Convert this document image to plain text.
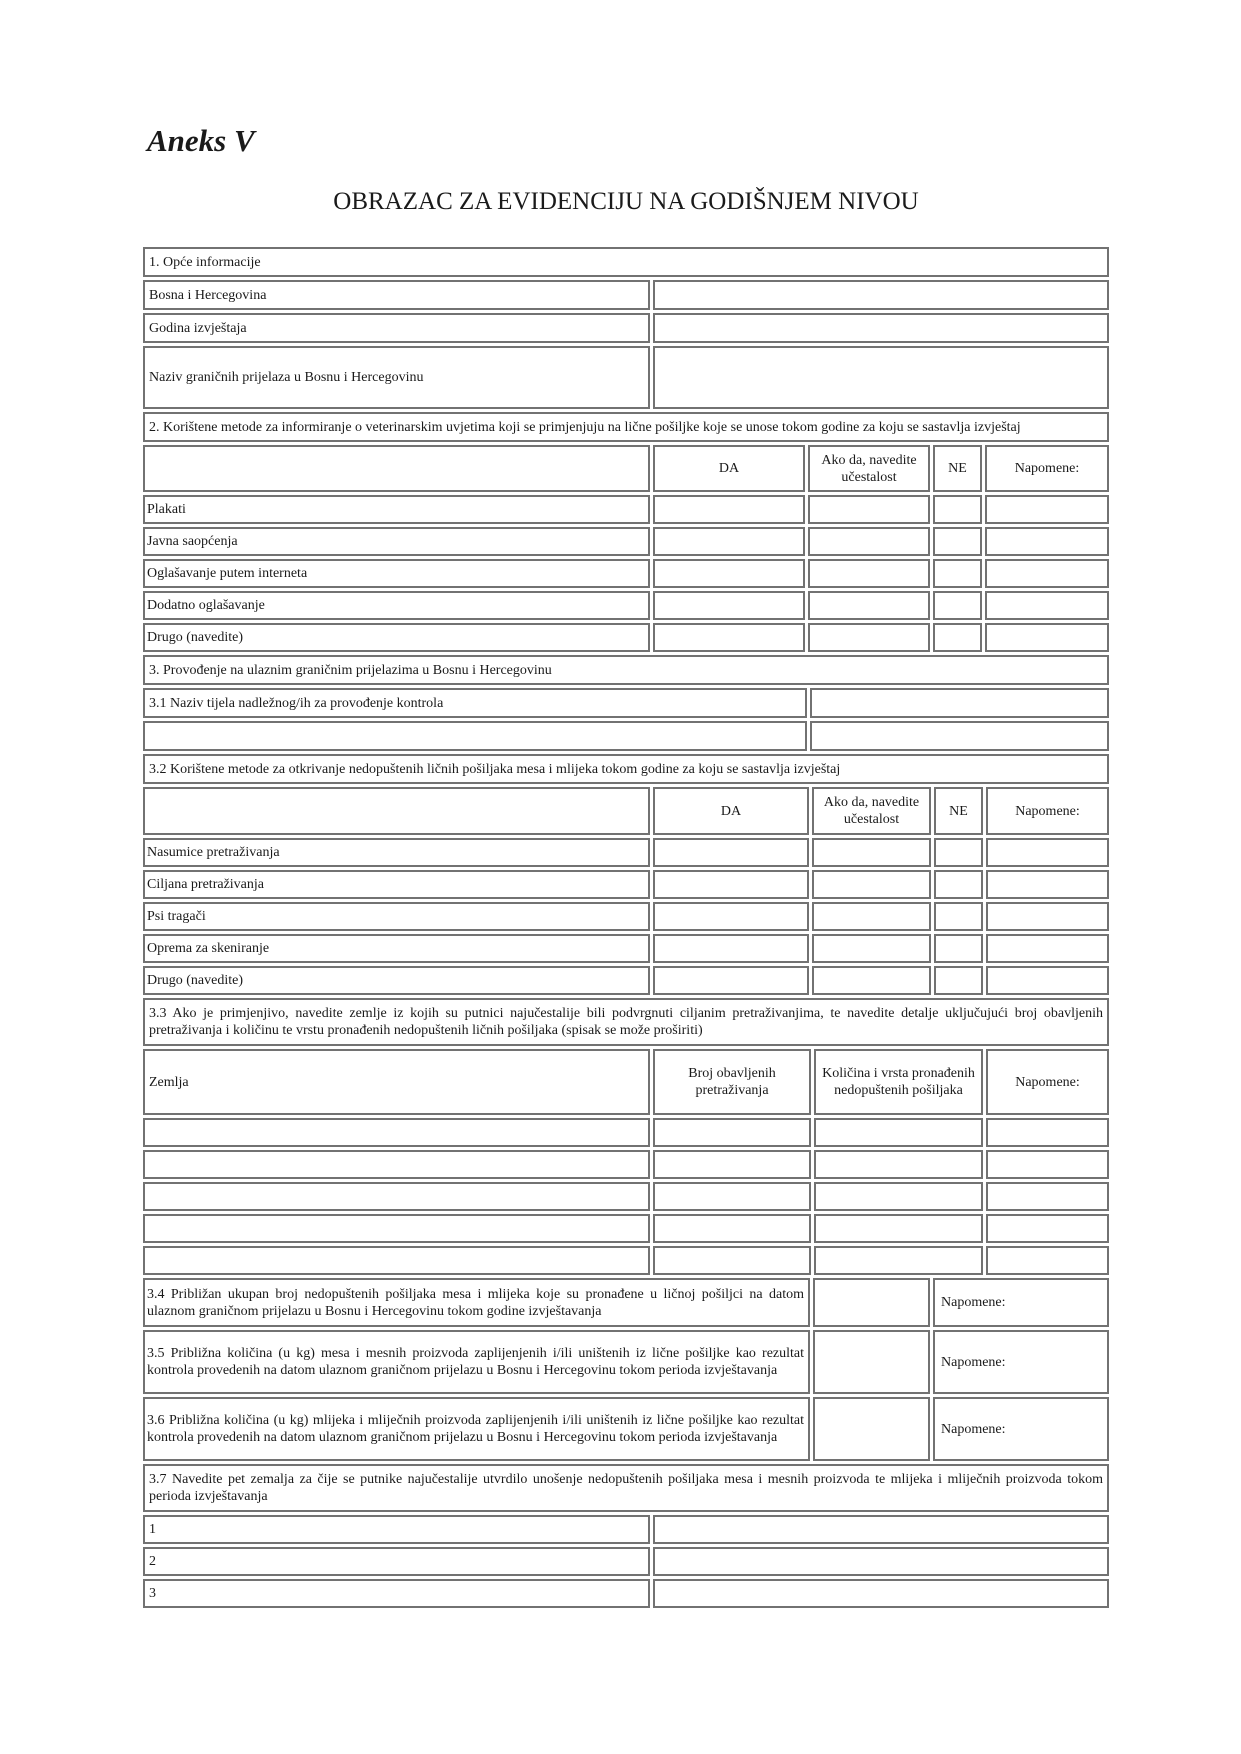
Aneks V
OBRAZAC ZA EVIDENCIJU NA GODIŠNJEM NIVOU
1. Opće informacije
Bosna i Hercegovina
Godina izvještaja
Naziv graničnih prijelaza u Bosnu i Hercegovinu
2. Korištene metode za informiranje o veterinarskim uvjetima koji se primjenjuju na lične pošiljke koje se unose tokom godine za koju se sastavlja izvještaj
DA
Ako da, navedite učestalost
NE	Napomene:
Plakati
Javna saopćenja
Oglašavanje putem interneta
Dodatno oglašavanje
Drugo (navedite)
3. Provođenje na ulaznim graničnim prijelazima u Bosnu i Hercegovinu
3.1 Naziv tijela nadležnog/ih za provođenje kontrola
3.2 Korištene metode za otkrivanje nedopuštenih ličnih pošiljaka mesa i mlijeka tokom godine za koju se sastavlja izvještaj
DA
Ako da, navedite učestalost
NE	Napomene:
Nasumice pretraživanja
Ciljana pretraživanja
Psi tragači
Oprema za skeniranje
Drugo (navedite)
3.3 Ako je primjenjivo, navedite zemlje iz kojih su putnici najučestalije bili podvrgnuti ciljanim pretraživanjima, te navedite detalje uključujući broj obavljenih pretraživanja i količinu te vrstu pronađenih nedopuštenih ličnih pošiljaka (spisak se može proširiti)
Zemlja
Broj obavljenih pretraživanja
Količina i vrsta pronađenih nedopuštenih pošiljaka
Napomene:
3.4 Približan ukupan broj nedopuštenih pošiljaka mesa i mlijeka koje su pronađene u ličnoj pošiljci na datom ulaznom graničnom prijelazu u Bosnu i Hercegovinu tokom godine izvještavanja
Napomene:
3.5 Približna količina (u kg) mesa i mesnih proizvoda zaplijenjenih i/ili uništenih iz lične pošiljke kao rezultat kontrola provedenih na datom ulaznom graničnom prijelazu u Bosnu i Hercegovinu tokom perioda izvještavanja
Napomene:
3.6 Približna količina (u kg) mlijeka i mliječnih proizvoda zaplijenjenih i/ili uništenih iz lične pošiljke kao rezultat kontrola provedenih na datom ulaznom graničnom prijelazu u Bosnu i Hercegovinu tokom perioda izvještavanja
Napomene:
3.7 Navedite pet zemalja za čije se putnike najučestalije utvrdilo unošenje nedopuštenih pošiljaka mesa i mesnih proizvoda te mlijeka i mliječnih proizvoda tokom perioda izvještavanja
1
2
3
